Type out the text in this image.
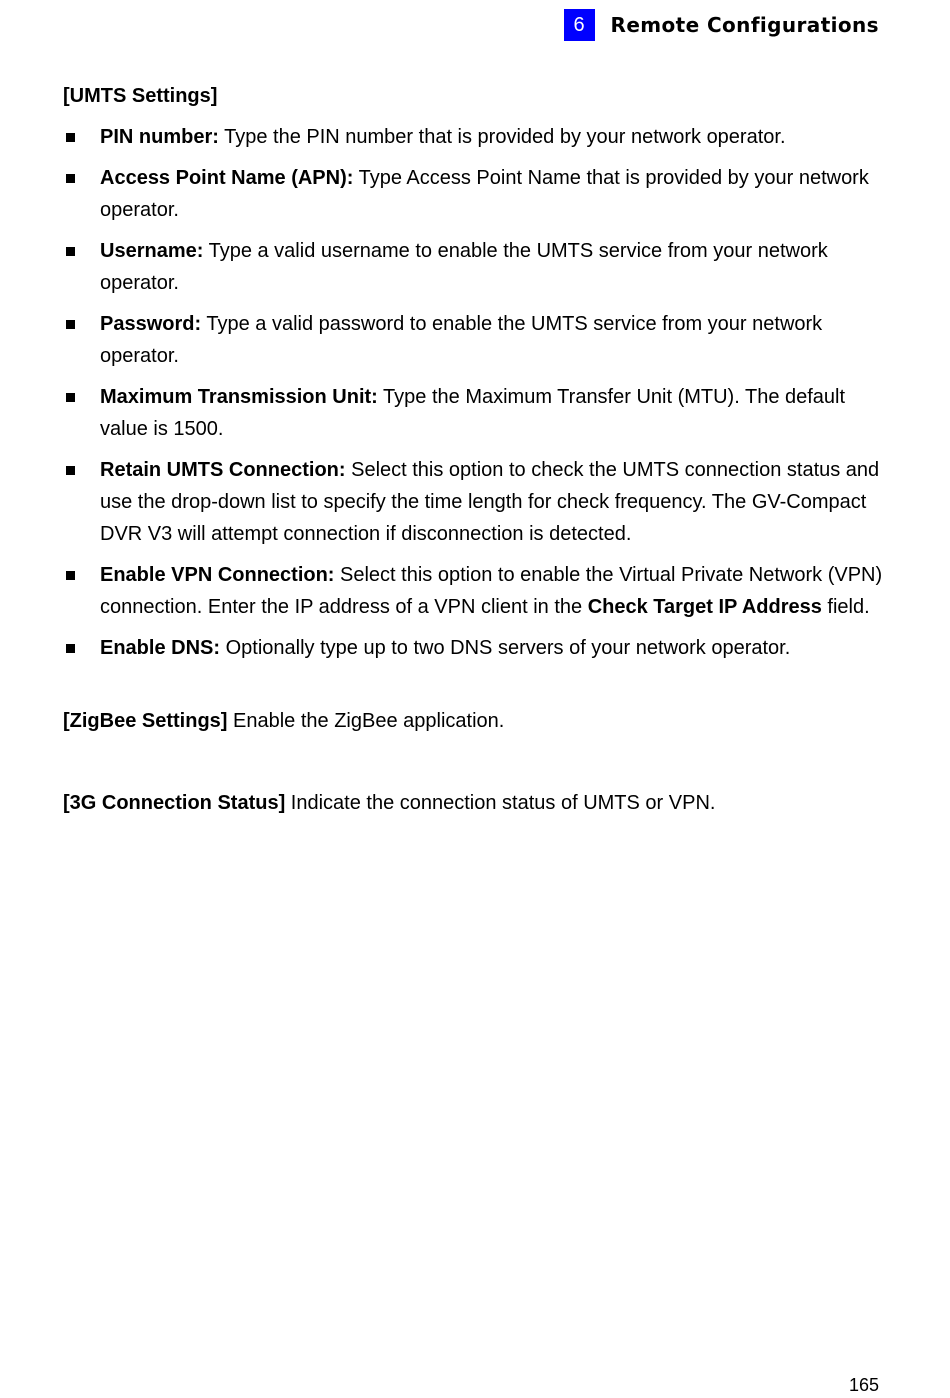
6	Remote Configurations

[UMTS Settings]

PIN number: Type the PIN number that is provided by your network operator.
Access Point Name (APN): Type Access Point Name that is provided by your network operator.
Username: Type a valid username to enable the UMTS service from your network operator.
Password: Type a valid password to enable the UMTS service from your network operator.
Maximum Transmission Unit: Type the Maximum Transfer Unit (MTU). The default value is 1500.
Retain UMTS Connection: Select this option to check the UMTS connection status and use the drop-down list to specify the time length for check frequency. The GV-Compact DVR V3 will attempt connection if disconnection is detected.
Enable VPN Connection: Select this option to enable the Virtual Private Network (VPN) connection. Enter the IP address of a VPN client in the Check Target IP Address field.
Enable DNS: Optionally type up to two DNS servers of your network operator.

[ZigBee Settings] Enable the ZigBee application.

[3G Connection Status] Indicate the connection status of UMTS or VPN.

165
